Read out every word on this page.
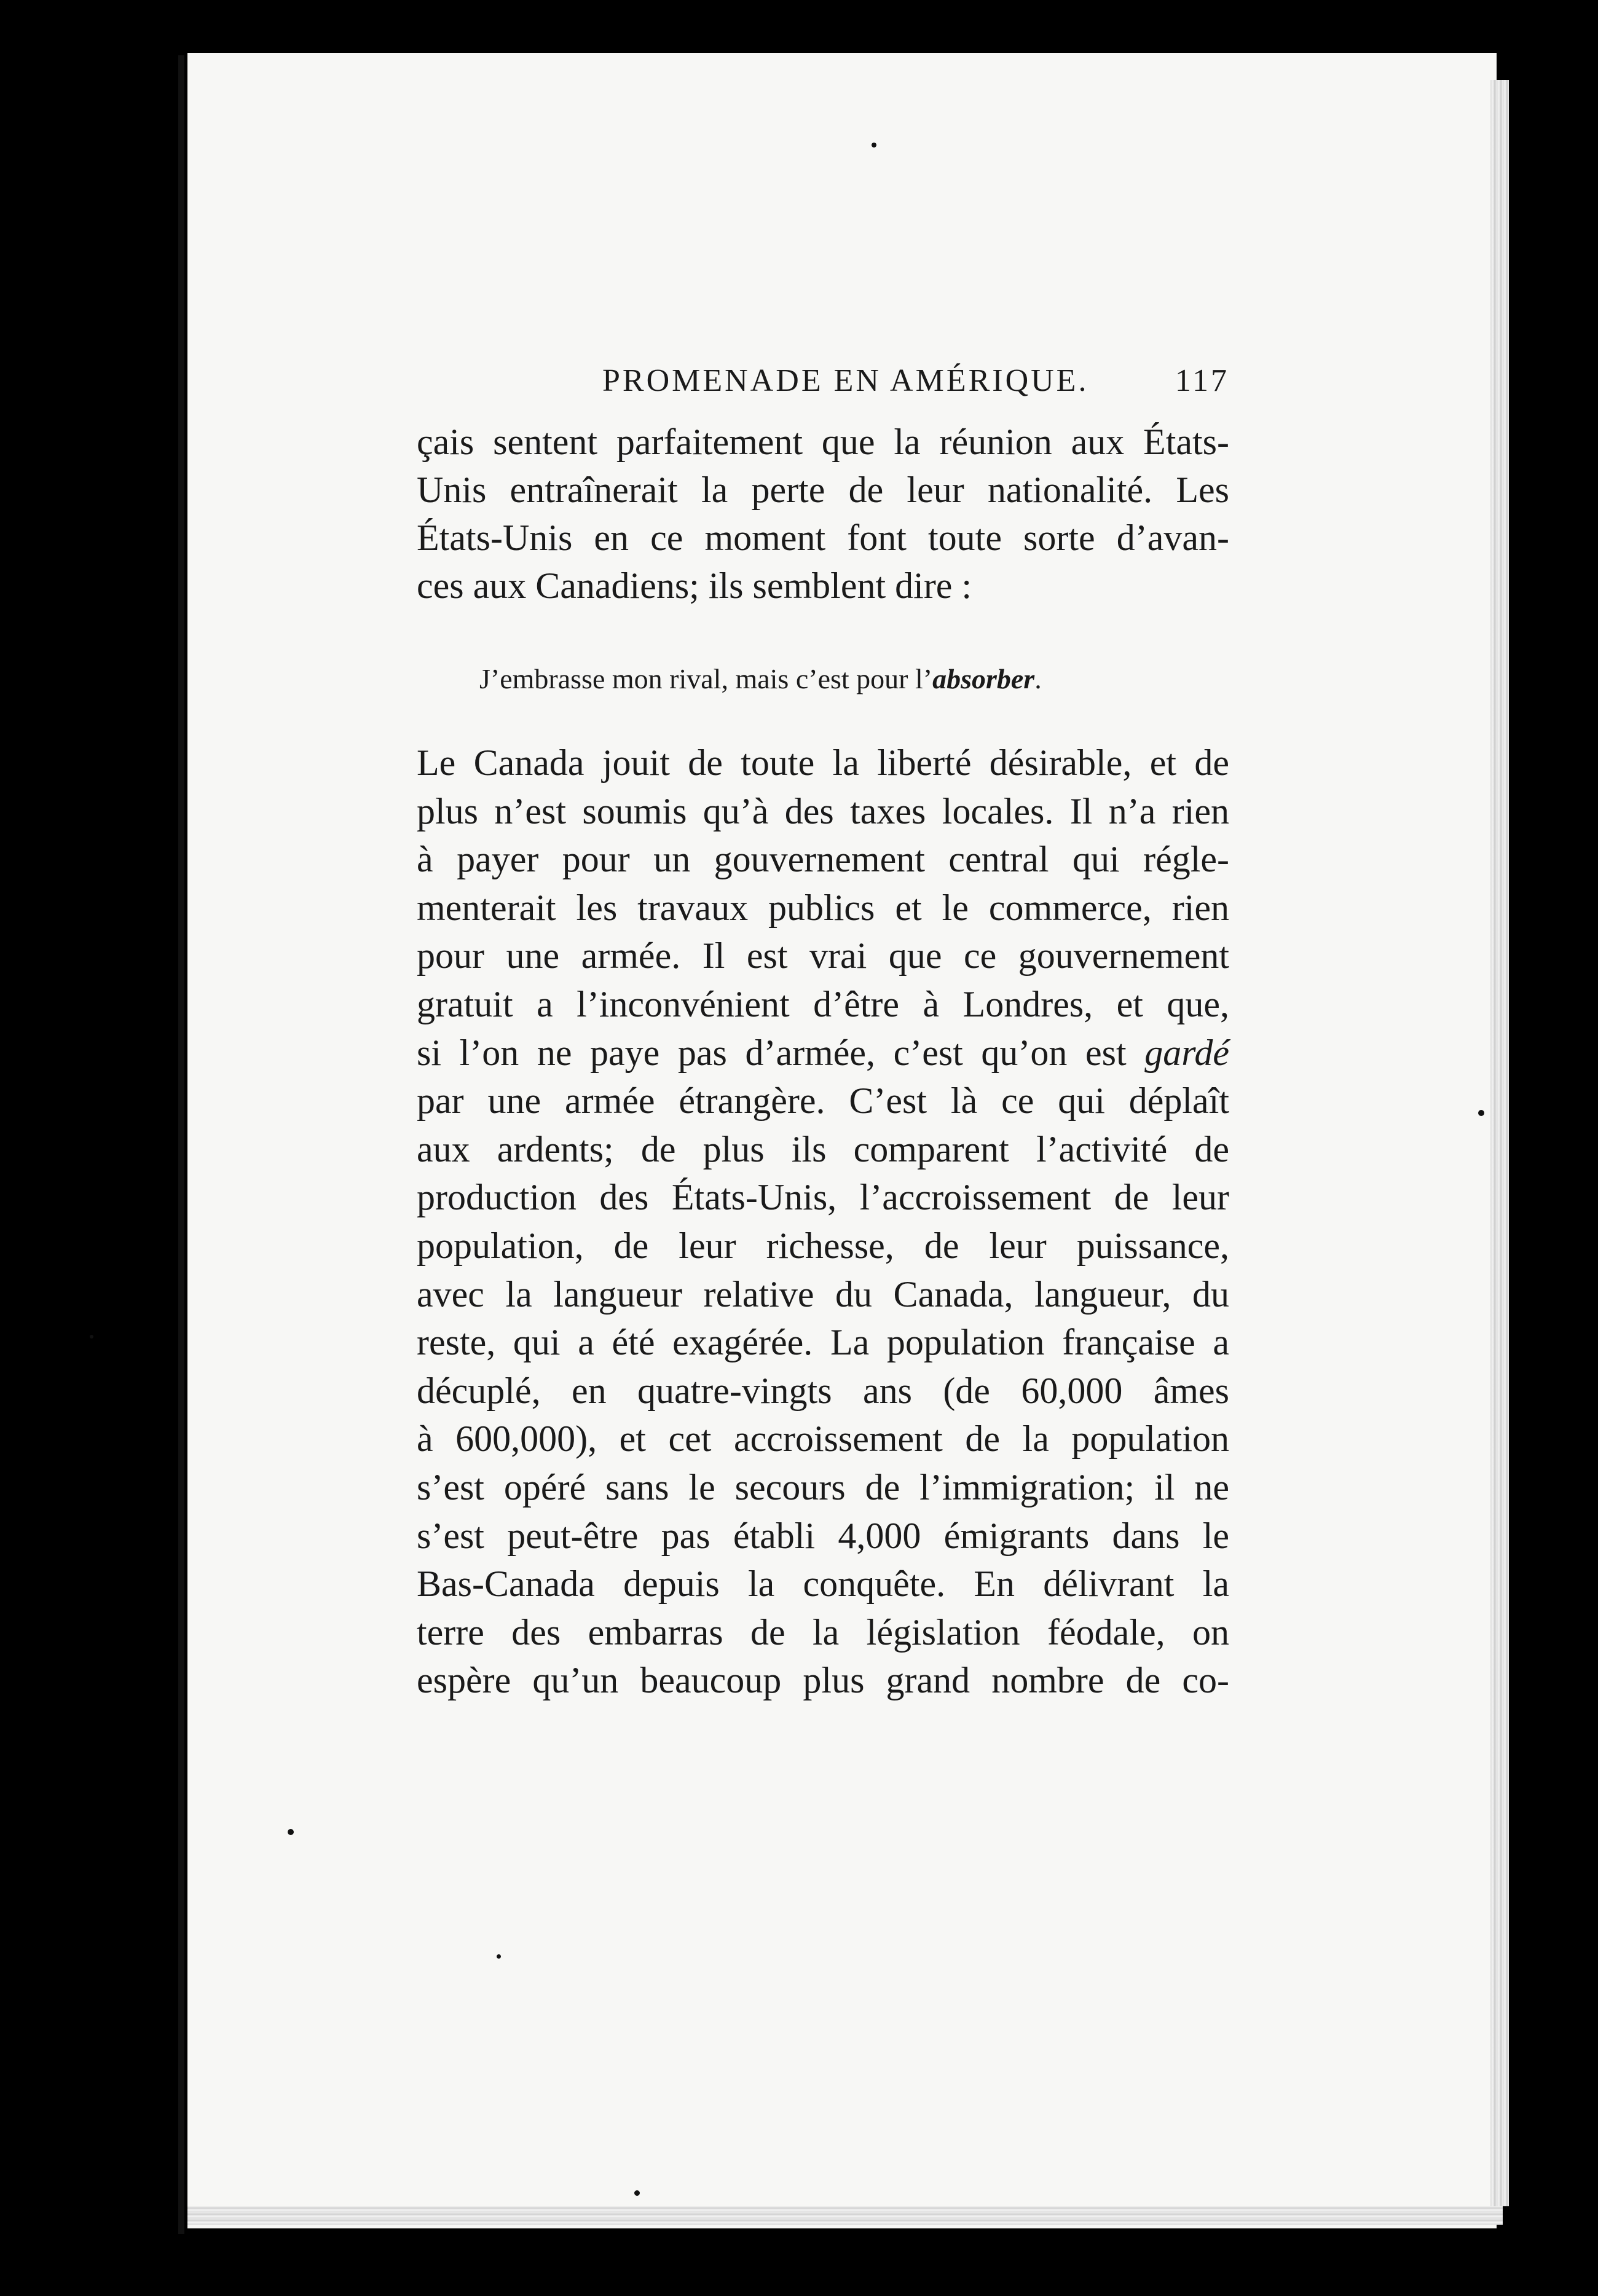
PROMENADE EN AMÉRIQUE.	117
çais sentent parfaitement que la réunion aux États-
Unis entraînerait la perte de leur nationalité. Les
États-Unis en ce moment font toute sorte d’avan-
ces aux Canadiens; ils semblent dire :
J’embrasse mon rival, mais c’est pour l’absorber.
Le Canada jouit de toute la liberté désirable, et de
plus n’est soumis qu’à des taxes locales. Il n’a rien
à payer pour un gouvernement central qui régle-
menterait les travaux publics et le commerce, rien
pour une armée. Il est vrai que ce gouvernement
gratuit a l’inconvénient d’être à Londres, et que,
si l’on ne paye pas d’armée, c’est qu’on est gardé
par une armée étrangère. C’est là ce qui déplaît
aux ardents; de plus ils comparent l’activité de
production des États-Unis, l’accroissement de leur
population, de leur richesse, de leur puissance,
avec la langueur relative du Canada, langueur, du
reste, qui a été exagérée. La population française a
décuplé, en quatre-vingts ans (de 60,000 âmes
à 600,000), et cet accroissement de la population
s’est opéré sans le secours de l’immigration; il ne
s’est peut-être pas établi 4,000 émigrants dans le
Bas-Canada depuis la conquête. En délivrant la
terre des embarras de la législation féodale, on
espère qu’un beaucoup plus grand nombre de co-
